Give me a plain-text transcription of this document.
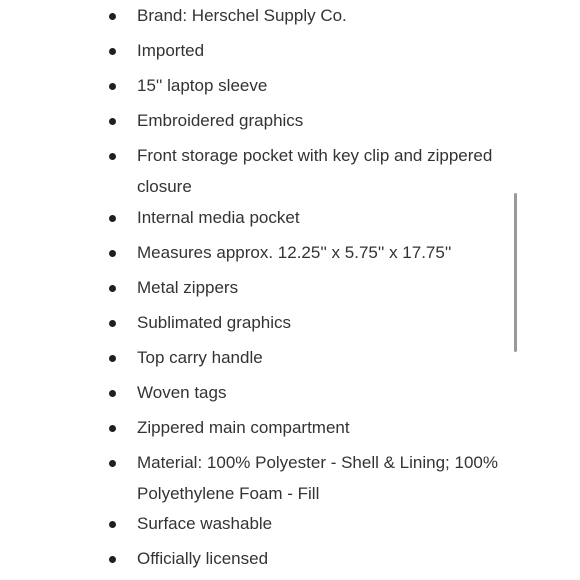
Brand: Herschel Supply Co.
Imported
15'' laptop sleeve
Embroidered graphics
Front storage pocket with key clip and zippered closure
Internal media pocket
Measures approx. 12.25'' x 5.75'' x 17.75''
Metal zippers
Sublimated graphics
Top carry handle
Woven tags
Zippered main compartment
Material: 100% Polyester - Shell & Lining; 100% Polyethylene Foam - Fill
Surface washable
Officially licensed
